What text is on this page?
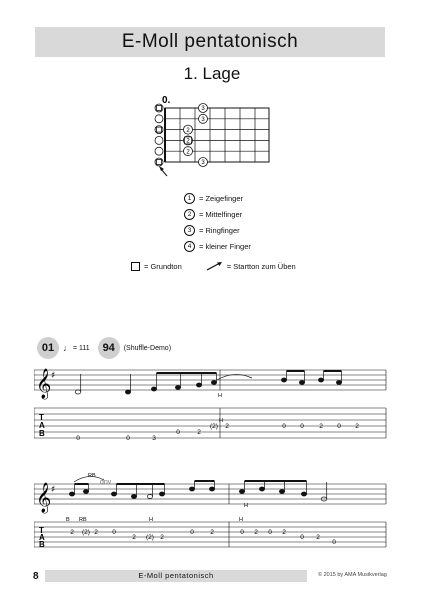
E-Moll pentatonisch
1. Lage
0.
3
3
2
2
2
3
1	= Zeigefinger
2	= Mittelfinger
3	= Ringfinger
4	= kleiner Finger
= Grundton	= Startton zum Üben
01 ♩ = 111	94	(Shuffle-Demo)
𝄞 ♯
T
A
B
0	0	3
0	2
(2) 2	0 0 2 0 2
H
H
𝄞 ♯
RB
dnv
B RB	H	H
H
T
A
B
2 (2) 2 0
2 (2) 2
0	2	0 2 0 2
0 2
0
8	E-Moll pentatonisch	© 2015 by AMA Musikverlag
